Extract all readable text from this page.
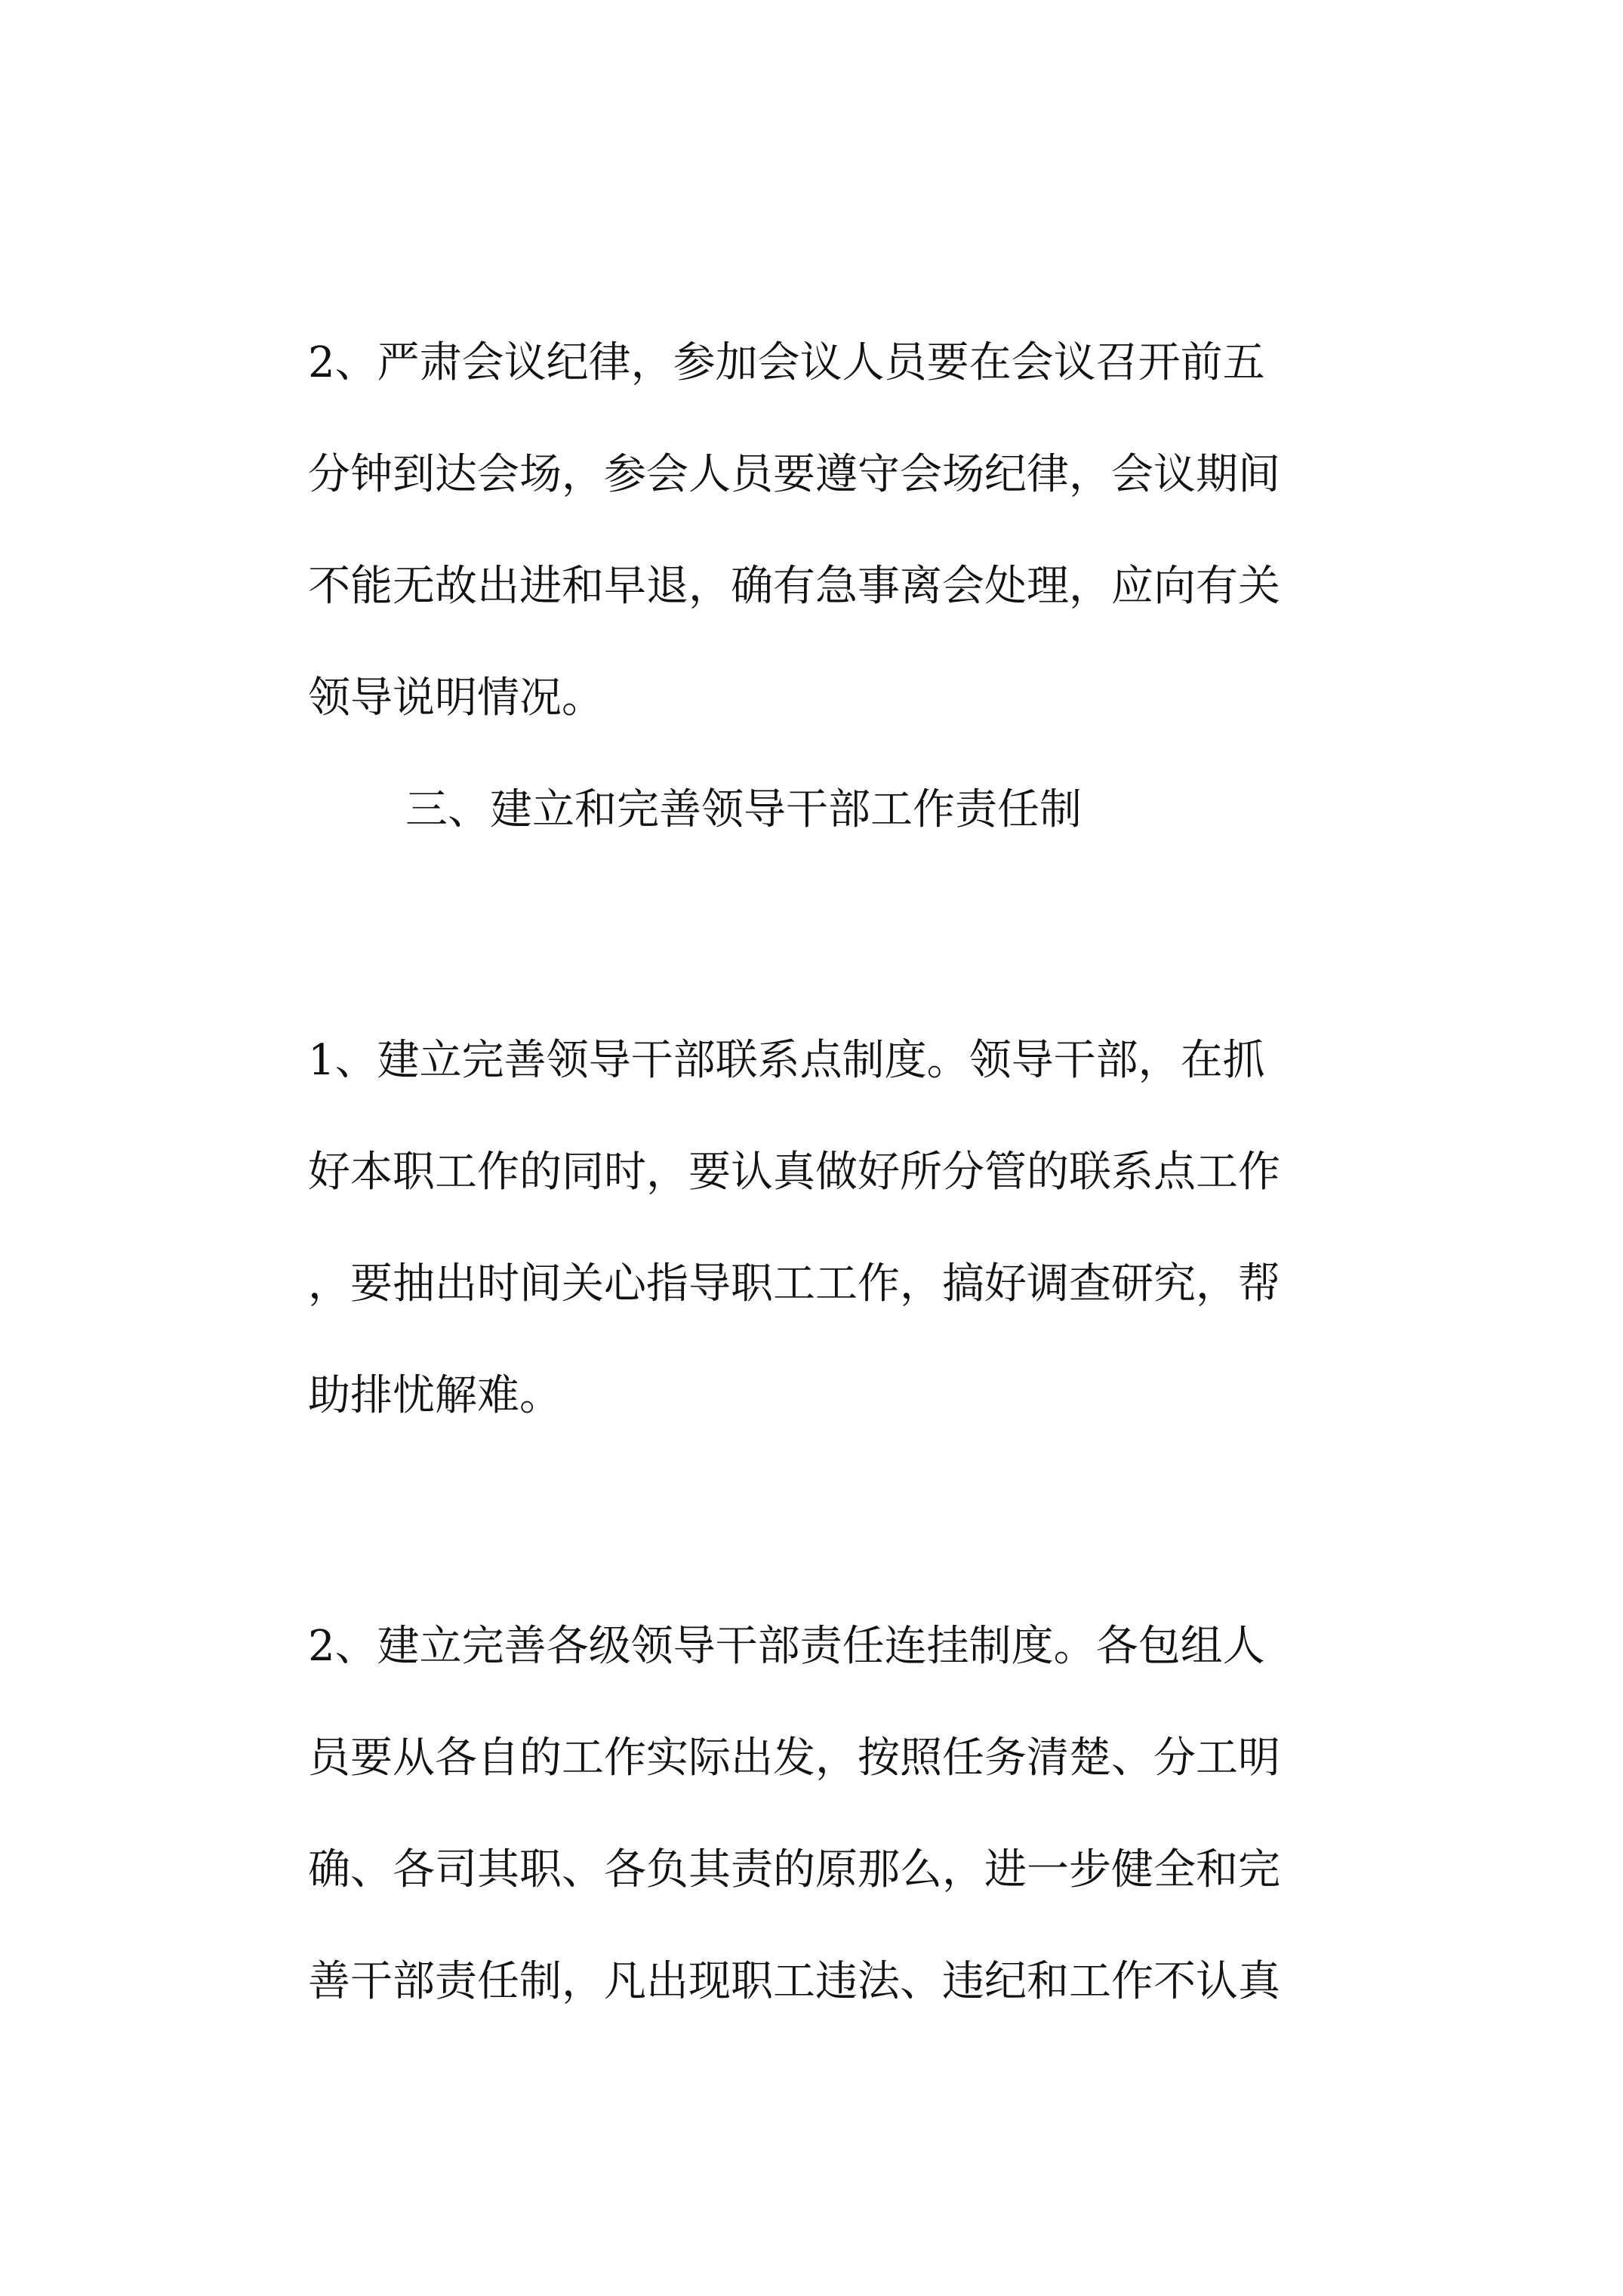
2、严肃会议纪律，参加会议人员要在会议召开前五
分钟到达会场，参会人员要遵守会场纪律，会议期间
不能无故出进和早退，确有急事离会处理，应向有关
领导说明情况。
三、建立和完善领导干部工作责任制
1、建立完善领导干部联系点制度。领导干部，在抓
好本职工作的同时，要认真做好所分管的联系点工作
，要抽出时间关心指导职工工作，搞好调查研究，帮
助排忧解难。
2、建立完善各级领导干部责任连挂制度。各包组人
员要从各自的工作实际出发，按照任务清楚、分工明
确、各司其职、各负其责的原那么，进一步健全和完
善干部责任制，凡出现职工违法、违纪和工作不认真
